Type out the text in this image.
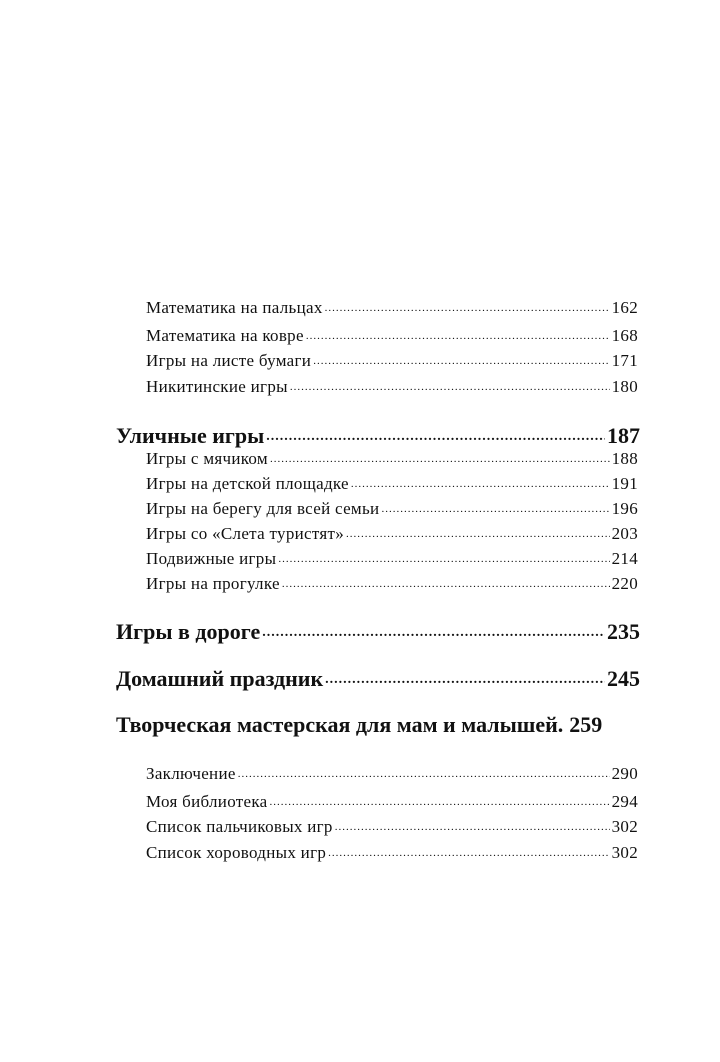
Математика на пальцах .....	162
Математика на ковре .....	168
Игры на листе бумаги .....	171
Никитинские игры .....	180
Уличные игры .....	187
Игры с мячиком .....	188
Игры на детской площадке .....	191
Игры на берегу для всей семьи .....	196
Игры со «Слета туристят» .....	203
Подвижные игры .....	214
Игры на прогулке .....	220
Игры в дороге .....	235
Домашний праздник .....	245
Творческая мастерская для мам и малышей. 259
Заключение .....	290
Моя библиотека .....	294
Список пальчиковых игр .....	302
Список хороводных игр .....	302
